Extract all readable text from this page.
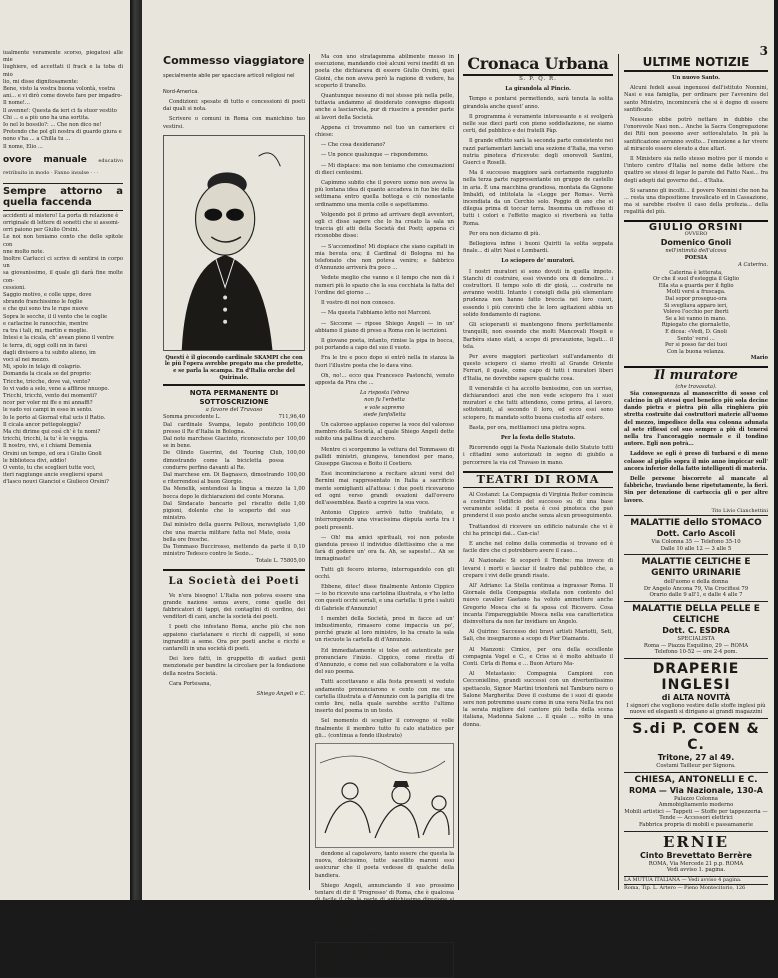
iualmente veramente scorso, piegatosi alle mie
liughiere, ed accettati il frack e la toba di mio
lio, mi disse dignitosamente:
Bene, visto la vostra buona volontà, vostra
ani... e vi dirò come dovete fare per impadro-
Il nome!...
ll avenne!: Questa da ieri ci fa stuor vestito
Chi ... e a più uno ha una sortita.
Io nel lo bossilo?: ... Che non dico ne!
Pretendo che pol gli nostra di guardo giura e
nono s'ha ... a Chilla tu ...
Il nome, Elio ...
ovore manuale educativo retribuito in modo · Fanno insulse · · ·
Sempre attorno a quella faccenda
accidenti al mistero! La porta di relazione è
orriginale di lettere di sonetti che si assomi-
orri paiono per Giulio Orsini.
Le noi non teniamo conto che delle spitole con
nne molto note.
Inoltre Carlucci ci scrive di sentirsi in corpo un
sa giovanissimo, il quale gli darà fine molte con-
cessioni.
Saggio motivo, e colle uppe, dove
sbrando franchissimo le foglie
e che qui sono tra le rupe nuove
Sopra le secche, il il vento che le coglie
e carlacine le ranocchie, mentre
ra tra i tali, mi, martin e moglie.
Intesi e la cicala, ch' avean pieno il ventre
le terra, di, oggi colli nn in farei
dagli divisero a tu subito alieno, im
voci al nei mezzo.
Mi, spolo in telajo di colaprio.
Domanda la cicala se del proprio:
Tricche, tricche, dove vai, vento?
Io vi vado a selo, vene a affliroe nnuopo.
Tricchi, tricchi, vento dei momenti?
ncor per voler mi ffe e mi annaffi?
le vado voi campi in esso in sento.
Io le porto al Giornal vital ucis il Ratio.
Il cicala ancor pettegoleggia?
Ma chi dirime qui così ch' è tu nomi?
tricchi, tricchi, la tu' è le veggia.
Il nostro, vivi, e i chiami Demenìa
Orsini un tempo, ed ora i Giulio Gnoli
le biblioteca divi, addio!
O vento, tu che sceglieri tutte voci,
iteri raggiunge ancie svegliersi sparsi
d'lasco nouvi Giancioi e Giulieco Orsini?
3
Commesso viaggiatore specialmente abile per spacciare articoli religiosi nel Nord-America.

Condizioni: spesate di tutto e concessioni di poeti dai quali si nota.

Scrivere o comuni in Roma con manichino tuo vestirsi.

Questi è il giocondo cardinale SKAMPI che con le più l'opera avrebbe pregato ma che predette, e se parla la scampa. En d'Italia orche del Quirinale.
NOTA PERMANENTE DI SOTTOSCRIZIONE
a favore del Travaso
Somma precedente L.	711,96,40
Dal cardinale Svampa, legato pontificio presso il Re d'Italia in Bologna.
100,00
Dal noto marchese Giacinto, riconosciuto per se in bene.
100,00
De Olindo Guerrini, del Touring Club, dimostrando come la bicicletta possa condurre perfino davanti al Re.
100,00
Dal marchese em. Di Bagnasco, dimostrando e riterrendosi al buon Giorgio.
100,00
Da Menelik, sentendosi la lingua a mezzo la bocca dopo le dichiarazioni del conte Morana.
1,00
Dal Sindacato bancario pel riscatto delle pigioni, dolente che lo scoperto del suo ministro.
1,00
Dal ministro della guerra Pelloux, meravigliato che una marcia militare fatta nel Mato, ossia bella ore fresche.
1,00
Da Tommaso Buccirosso, mettendo da parte il ministro Tedesco contro le Sezio...
0,10
Totale L. 75805,00
La Società dei Poeti

Ve n'era bisogno! L'Italia non poteva essere una grande nazione senza avere, come quelle dei fabbricatori di tappi, dei contaglini di cordino, dei venditori di cani, anche la società dei poeti.

I poeti che infestano Roma, anche più che non appaiono ciarlatanare e ricchi di cappelli, si sono ingranditi a seme. Ora per poeti anche e ricchi e cantarelli in una società di poeti.

Dei loro fatti, in gruppetto di audaci genii menzionate per bandire la circolare per la fondazione della nostra Società.

Cara Portesana,

Shiego Angeli e C.

Ma con uno stratagemma abilmente messo in esecuzione, mandando cioè alcuni versi inediti di un poeta che dichiarava di essere Giulio Orsini, quei Gioini, che non aveva però la ragione di vedere, ha scoperto il tranello.

Quantunque nessuno di noi stesse più nella pelle, tuttavia andammo al desiderato convegno disposti anche a lasciarvela, pur di riuscire a prender parte ai lavori della Società.

Appena ci trovammo nel tuo un cameriere ci chiese:

— Che cosa desiderano?

— Un ponce qualunque — rispondemmo.

— Mi dispiace: ma non teniamo che consumazioni di dieci centesimi.

Capimmo subito che il povero uomo non aveva la più lontana idea di quanto accadeva in fuo bie della settimana entro quella bottega e ciò nonostante ordinammo una menta colle e aspettammo.

Volgendo poi il primo ad arrivare degli avventori, egli ci disse sapere che lo ha creato la sala un traccia gli atti della Società dei Poeti; appena ci riconobbe disse:

— S'accomodino! Mi dispiace che siano capitati in mia bevuta ora; il Cardinal di Bologna mi ha telefonato che non poteva venire; e fabbrico d'Annunzio arriverà fra poco ...

Vedete meglio che vanno e il tempo che non dà i numeri più lo spazio che la sua cocchiata la fatta del l'ordine del giorno ...

Il vostro di noi non conosco.

— Ma questa l'abbiamo letto noi Marconi.

— Siccome — ripose Shiego Angeli — in un' abbiamo il piano di preso a Roma con le iscrizioni.

Il giovane poeta, intanto, rimise la pipa in bocca, poi portando a capo del suo il vuoto.

Fra le tre e poco dopo si entrò nella in stanza la fuori l'illustre poeta che lo dava vino.

Oh, no!... ecco qua Francesco Pastonchi, venuto apposta da Pira che ...

La risposta l'ebrea
non fu l'erbetta
e vole sapremo
siede fanfolletta

Un caloroso applauso coperse la voce del valoroso membro della Società, al quale Shiego Angeli dette subito una pallina di zucchero.

Mentre ci scorgemmo la vettura del Tommaseo di pallidi ministri, giungeva, tenendosi per mano, Giuseppe Giacosa e Boito il Costiero.

Essi incominciarono a recitare alcuni versi del Bernini mai rappresentato in Italia a sacrificio mente somiglianti all'attesa: i due poeti ricevarono ed ogni verso grandi ovazioni dall'ovvero dell'assemblea. Bastò a coprire la sua voce.

Antonio Cippico arrivò tutto trafelato, e interrompendo una vivacissima disputa sorta tra i poeti presenti.

— Oh! ma amici spirituali, voi non poteste gianduia presso il individuo dilettissimo che a me farà di godere un' ora fa. Ah, se sapeste!... Ah se immaginaste!

Tutti gli fecero intorno, interrogandolo con gli occhi.

Ebbene, ditec! disse finalmente Antonio Cippico — io ho ricevuto una cartolina illustrata, e v'ho letto con questi occhi soriali, e una cartella: ti prie i saluti di Gabriele d'Annunzio!

I membri della Società, presi in facce ad un' imbustimento, rimasero come impaccia un po', perché grazie al loro ministro, lo ha creato la sala un riscuote la cartella di d'Annunzio.

Ed immediatamente si tolse ed autenticate per pronunciare l'inizio. Cippico, come ricetta di d'Annunzio, e come nel suo collaboratore e la volta del suo poema.

Tutti accettavano e alla festa presenti si veduto andamento pronunciarono e cento con me una cartella illustrata a d'Annunzio con la pariglia di tre cento lire, nella quale sarebbe scritto l'ultimo inserto del poema in un testo.

Sel momento di sceglier il convegno si volle finalmente il membro tutto fu calo statistico per gli... (continua a fondo illustrato)

dendone al capolavoro, tanto essere che questa la nuova, dolcissimo, tutte sacellito maroni essi assicurar che il poeta vedesse di qualche della bandiera.

Shiego Angeli, annunciando il suo prossimo tentare di dir il 'Progresso' di Roma, che è qualcosa di facile il che la parte di antichissimo direzione si diceva appunto.

Mobili degli intervenuti proferirono tantissima di far ... in testa poeti:

Mobili del più illustri...

Volete un buon Consiglio? Costa un po' caro, dato che in un piatto sia preso il fatto: chiedendo per se per le maniere di cervelli del Ministero della P. I.
Cronaca Urbana
S. P. Q. R.
La girandola al Pincio.

Tempo e pontarsi permettendo, sarà tenuta la solita girandola anche quest' anno.

Il programma è veramente interessante e si svolgerà nelle sue dieci parti con pieno soddisfazione, ne siamo certi, del pubblico e dei fratelli Pàp.

Il grande effetto sarà la seconda parte consistente nei razzi parlamentari lanciati una sezione d'Italia, ma verso nutria pinoteca d'ricevute: degli onorevoli Santini, Guerci e Roselli.

Ma il successo maggiore sarà certamente raggiunto nella terza parte rappresentante un gruppo de castello in aria. È una macchina grandiosa, montata da Gignone Imbaldi, ed intitolata la «Legge per Roma». Verrà incendiata da un Cerchio solo. Poggio di ano che si dilegua prima di toccar terra. Insomma un roffesso di tutti i colori e l'effetto magico si riverberà su tutta Roma.

Per ora non diciamo di più.

Bellegiova infine i buoni Quiriti la solita seppata finale... di altri Nasi e Lombardi.

Lo sciopero de' muratori.

I nostri muratori si sono dovuti in quella impeto. Stanchi di costruire, essi vivendo ora di demolire... i costruttori. Il tempo solo di dir gioià, ... costruite ne avranno vestiti. Intanto i consigli della più elementare prudenza non hanno fatto breccia nei loro cuori, essendo i più convinti che le loro agitazioni abbia un solido fondamento di ragione.

Gli scioperanti si mantengono finora perfettamente tranquilli, non essendo che molti Mancovali Hoepli e Barbèra siano stati, a scopo di precauzione, legati... il tela.

Per avere maggiori particolari sull'andamento di questo sciopero ci siamo rivolti al Grande Oriente Ferrari, il quale, come capo di tutti i muratori liberi d'Italia, ne dovrebbe sapere qualche cosa.

Il venerabile ci ha accolto benissimo, con un sorriso, dichiarandoci anzi che non vede sciopero fra i suoi muratori e che tutti attendono, come prima, al lavoro, sottotenuti, al secondo il loro, ed ecco essi sono sciopero, fu mandato sotto buona custodia all' estero.

Basta, per ora, mettiamoci una pietra sopra.

Per la festa dello Statuto.

Ricorrendo oggi la Festa Nazionale dello Statuto tutti i cittadini sono autorizzati in segno di giubilo a percorrere la via col Travaso in mano.

TEATRI DI ROMA

Al Costanzi: La Compagnia di Virginia Reiter comincia a costruire l'edificio del successo su di una base veramente solida: il poeta è così pinoteca che può prendersi il suo posto anche senza alcun proseguimento.

Trattandosi di ricevere un edificio naturale che vi è chi ha principi dai... Can-cia!

E anche nel colmo della commedia si trovano ed è facile dire che ci potrebbero avere il caso...

Al Nazionale: Si scoperò il Tombe: ma invece di levarsi i morti e lasciar il teatro dal pubblico che, a crepare i vivi delle grandi risate.

All' Adriano: La Stella continua a ingrassar Roma. Il Giornale della Compagnia stellata non contento del nuovo cavalier Gaetano ha voluto ammettere anche Gregorio Mosca che si fa sposa col Ricovero. Cosa incanta l'impareggiabile Mosca nella sua caratteristica disinvoltura da non far invidiare un Angelo.

Al Quirino: Successo dei bravi artisti Mariotti, Seti, Sali, che insegnarono a scopo di Pier Diamante.

Al Manzoni: Cimice, per ora della eccellente compagnia Vogel e C., e Criss si è molto abituato il Conti. Cirla di Roma e ... Buon Arturo Ma-

Al Metastasio: Compagnia Campioni con Cecconiellino, grandi successi con un divertentissimo spettacolo, Signor Martini trionferà nel Tamburo nero o Salone Margherita: Dove il costume de i suoi di queste sere non potremmo usare come in una vera Nella tra noi la serata migliore del cantore più bella della scena italiana, Madonna Salone ... il quale ... volto in una donna.

ULTIME NOTIZIE
Un nuovo Santo.

Alcuni fedeli assai ingenuosi dell'istituto Nonnini, Nasi e sua famiglia, per ordinare per l'avvenire del santo Ministro, incomincerà che si è degno di essere santificato.

Nessuno ebbe potrò nettare in dubbio che l'onorevole Nasi non... Anche la Sacra Congregazione dei Riti non possono aver sottovalutato. In più la santificazione avranno svolto... l'emozione a far vivere al miracolo essere elevato a due altari.

Il Ministero sia nello stesso motivo per il mondo e l'intero centro d'Italia nel nome delle lettere che quattro se stessi di legar le parole del Fatto Nasi... fra degli adepti dal governo del... d'Italia.

Si saranno gli incolti... il povero Nonnini che non ha ... resta una dispositione travalicato ed in Cassazione, ma si sarebbe risolve il caso della profezia... della regalità del più.

GIULIO ORSINI
OVVERO
Domenico Gnoli
nell'intimità dell'alcova
POESIA
A Caterina.
Caterina è letterata,
Or che il suol d'esteggia il Giglio
Ella sta a guarda per il figlio
Molti versi a fruscaga.
Dal sopor proseguo-ora
Si svegliava apparo ieri,
Volevo l'occhio per iberti
Se a lei vanno in mano.
Ripiegato che giornaletto,
E dicea: «Vedi, D. Gnoli
Sento' versi ...
Per si posso far dei tuoi
Con la buona velanza.
Mario
Il muratore
(che travasata).

Sia conseguenza al manoscritto di sosso col calcino in gli stessi quel benefico più sola decine dando pietra e pietra più alla ringhiera più stretta costruite dai costruttori materie all'uomo del mezzo, impedisce della sua colonna adunata al sete riflessi col suo sempre a più di tenersi nella tra l'ancoraggio normale e il tondino autore. Egli non potrà...

Laddove se egli è preso di turbarsi e di meno colasse al piglio sopra il mio anno impiccar sull' ancora inferior della fatto intelligenti di materia.

Delle persone biscorrete al mancate al fabbriche, traviando bene ripetutamente, la fieri. Sin per detenzione di cartuccia gli o per altre lavoro.

Tito Livio Cianchettini
MALATTIE dello STOMACO
Dott. Carlo Ascoli
Via Colonna 35 — Telefono 35-10
Dalle 10 alle 12 — 3 alle 5
MALATTIE CELTICHE E GENITO URINARIE
dell'uomo e della donna
Dr Angelo Ancona 79, Via Crocifissi 79
Orario dalle 9 all'1, e dalle 4 alle 7
MALATTIE DELLA PELLE E CELTICHE
Dott. C. ESDRA
SPECIALISTA
Roma — Piazza Esquilino, 29 — ROMA
Telefono 10-52 — ore 2-4 pom.
DRAPERIE INGLESI
di ALTA NOVITÀ
I signori che vogliono vestire delle stoffe inglesi più nuove ed eleganti si dirigano ai grandi magazzini
S.di P. COEN & C.
Tritone, 27 al 49.
Costumi Tailleur per Signora.
CHIESA, ANTONELLI E C.
ROMA — Via Nazionale, 130-A
Palazzo Colonna
Ammobigliamento moderno
Mobili artistici — Tappeti — Stoffe per tappezzeria — Tende — Accessori elettrici
Fabbrica propria di mobili e passamanerie
ERNIE
Cinto Brevettato Berrère
ROMA, Via Mercede 21 p.p. ROMA
Vedi avviso 1. pagina.
LA MUTUA ITALIANA — Vedi avviso 4 pagina.
Roma, Tip. L. Artero — Pieno Montecitorio, 126
